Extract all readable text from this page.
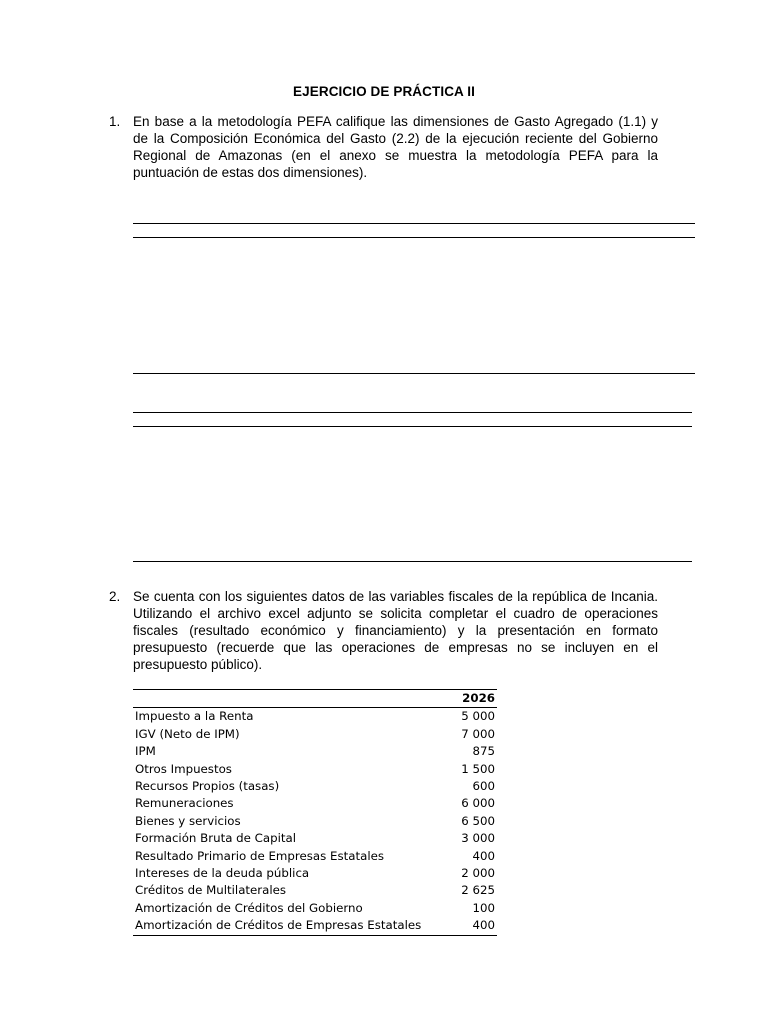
EJERCICIO DE PRÁCTICA II
1. En base a la metodología PEFA califique las dimensiones de Gasto Agregado (1.1) y de la Composición Económica del Gasto (2.2) de la ejecución reciente del Gobierno Regional de Amazonas (en el anexo se muestra la metodología PEFA para la puntuación de estas dos dimensiones).
2. Se cuenta con los siguientes datos de las variables fiscales de la república de Incania. Utilizando el archivo excel adjunto se solicita completar el cuadro de operaciones fiscales (resultado económico y financiamiento) y la presentación en formato presupuesto (recuerde que las operaciones de empresas no se incluyen en el presupuesto público).
	2026
Impuesto a la Renta	5 000
IGV (Neto de IPM)	7 000
IPM	875
Otros Impuestos	1 500
Recursos Propios (tasas)	600
Remuneraciones	6 000
Bienes y servicios	6 500
Formación Bruta de Capital	3 000
Resultado Primario de Empresas Estatales	400
Intereses de la deuda pública	2 000
Créditos de Multilaterales	2 625
Amortización de Créditos del Gobierno	100
Amortización de Créditos de Empresas Estatales	400
